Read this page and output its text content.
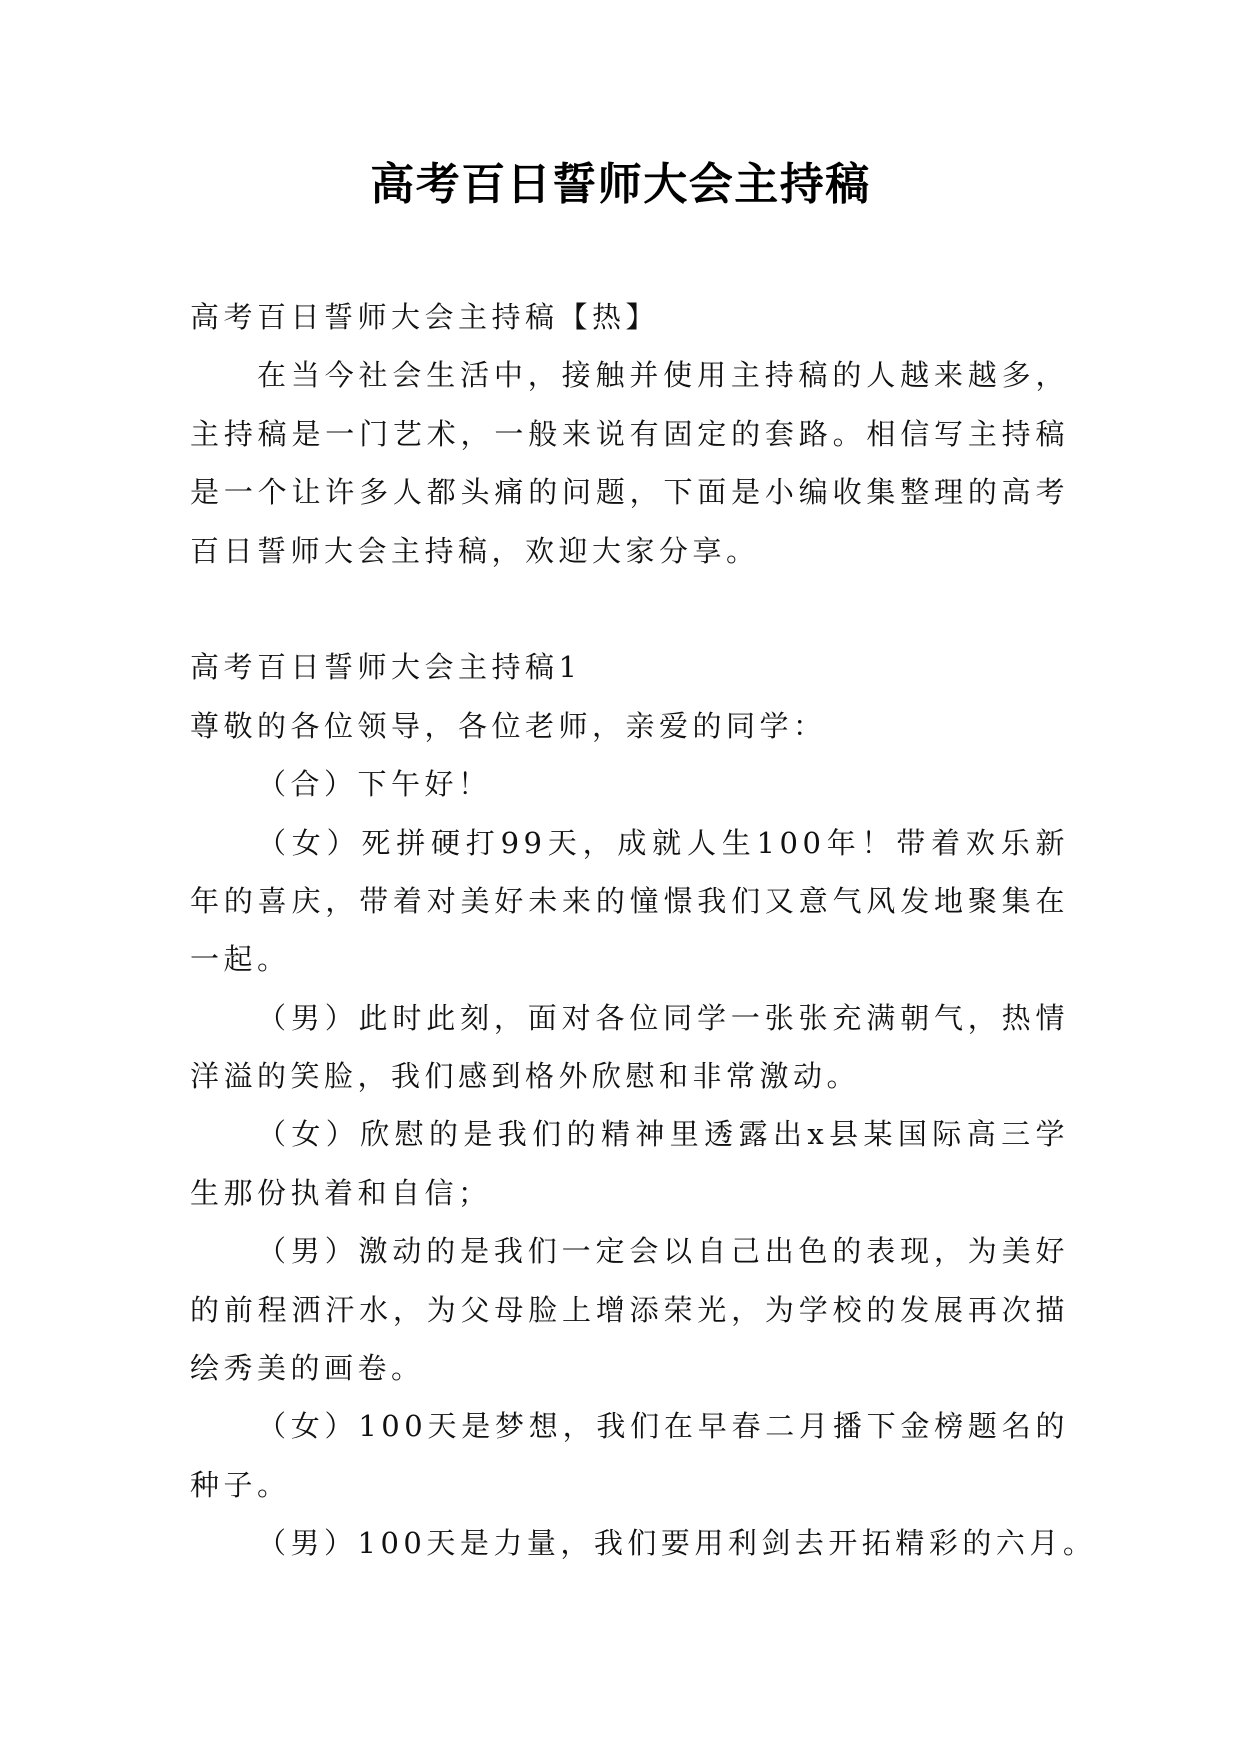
高考百日誓师大会主持稿
高考百日誓师大会主持稿【热】
在当今社会生活中，接触并使用主持稿的人越来越多，
主持稿是一门艺术，一般来说有固定的套路。相信写主持稿
是一个让许多人都头痛的问题，下面是小编收集整理的高考
百日誓师大会主持稿，欢迎大家分享。
高考百日誓师大会主持稿1
尊敬的各位领导，各位老师，亲爱的同学：
（合）下午好！
（女）死拼硬打99天，成就人生100年！带着欢乐新
年的喜庆，带着对美好未来的憧憬我们又意气风发地聚集在
一起。
（男）此时此刻，面对各位同学一张张充满朝气，热情
洋溢的笑脸，我们感到格外欣慰和非常激动。
（女）欣慰的是我们的精神里透露出x县某国际高三学
生那份执着和自信；
（男）激动的是我们一定会以自己出色的表现，为美好
的前程洒汗水，为父母脸上增添荣光，为学校的发展再次描
绘秀美的画卷。
（女）100天是梦想，我们在早春二月播下金榜题名的
种子。
（男）100天是力量，我们要用利剑去开拓精彩的六月。
